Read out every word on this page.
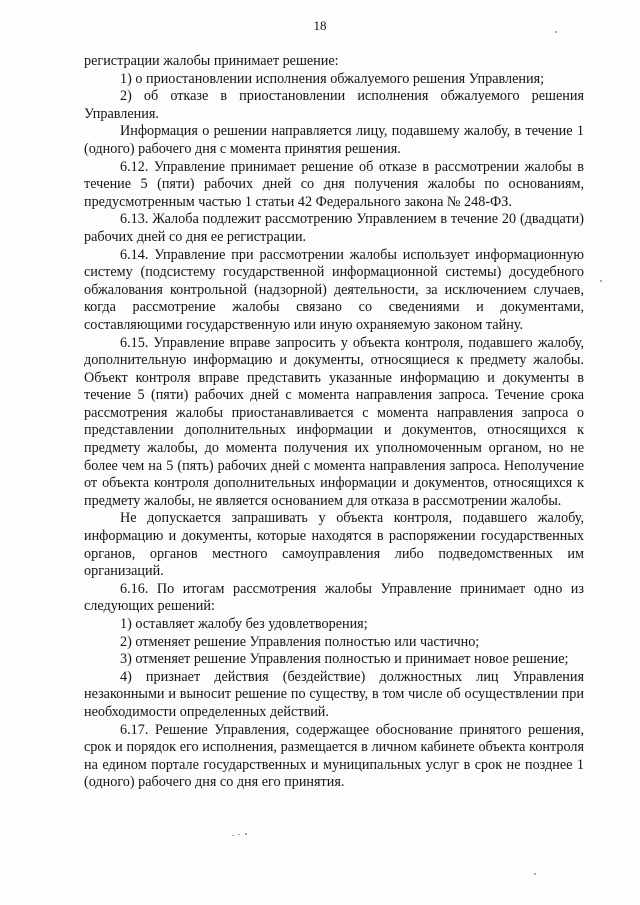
18

регистрации жалобы принимает решение:

1) о приостановлении исполнения обжалуемого решения Управления;

2) об отказе в приостановлении исполнения обжалуемого решения Управления.

Информация о решении направляется лицу, подавшему жалобу, в течение 1 (одного) рабочего дня с момента принятия решения.

6.12. Управление принимает решение об отказе в рассмотрении жалобы в течение 5 (пяти) рабочих дней со дня получения жалобы по основаниям, предусмотренным частью 1 статьи 42 Федерального закона № 248-ФЗ.

6.13. Жалоба подлежит рассмотрению Управлением в течение 20 (двадцати) рабочих дней со дня ее регистрации.

6.14. Управление при рассмотрении жалобы использует информационную систему (подсистему государственной информационной системы) досудебного обжалования контрольной (надзорной) деятельности, за исключением случаев, когда рассмотрение жалобы связано со сведениями и документами, составляющими государственную или иную охраняемую законом тайну.

6.15. Управление вправе запросить у объекта контроля, подавшего жалобу, дополнительную информацию и документы, относящиеся к предмету жалобы. Объект контроля вправе представить указанные информацию и документы в течение 5 (пяти) рабочих дней с момента направления запроса. Течение срока рассмотрения жалобы приостанавливается с момента направления запроса о представлении дополнительных информации и документов, относящихся к предмету жалобы, до момента получения их уполномоченным органом, но не более чем на 5 (пять) рабочих дней с момента направления запроса. Неполучение от объекта контроля дополнительных информации и документов, относящихся к предмету жалобы, не является основанием для отказа в рассмотрении жалобы.

Не допускается запрашивать у объекта контроля, подавшего жалобу, информацию и документы, которые находятся в распоряжении государственных органов, органов местного самоуправления либо подведомственных им организаций.

6.16. По итогам рассмотрения жалобы Управление принимает одно из следующих решений:

1) оставляет жалобу без удовлетворения;

2) отменяет решение Управления полностью или частично;

3) отменяет решение Управления полностью и принимает новое решение;

4) признает действия (бездействие) должностных лиц Управления незаконными и выносит решение по существу, в том числе об осуществлении при необходимости определенных действий.

6.17. Решение Управления, содержащее обоснование принятого решения, срок и порядок его исполнения, размещается в личном кабинете объекта контроля на едином портале государственных и муниципальных услуг в срок не позднее 1 (одного) рабочего дня со дня его принятия.
